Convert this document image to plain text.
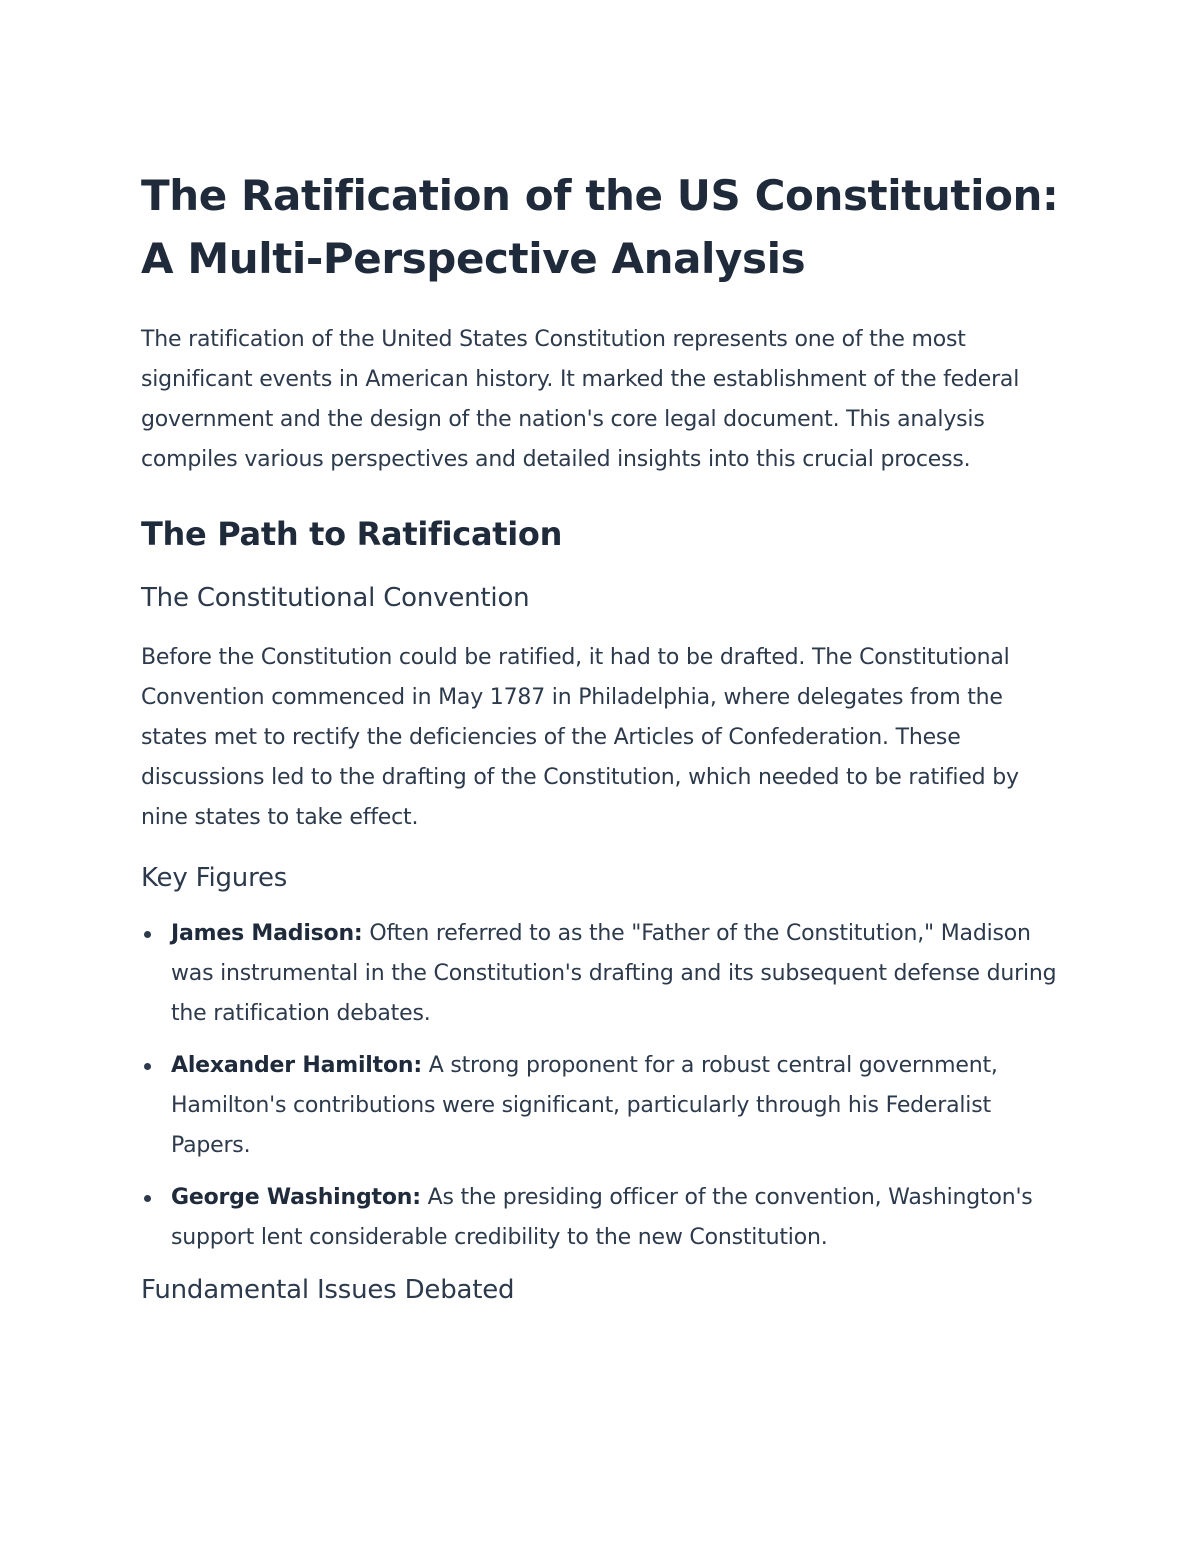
The Ratification of the US Constitution:
A Multi-Perspective Analysis

The ratification of the United States Constitution represents one of the most significant events in American history. It marked the establishment of the federal government and the design of the nation's core legal document. This analysis compiles various perspectives and detailed insights into this crucial process.

The Path to Ratification
The Constitutional Convention

Before the Constitution could be ratified, it had to be drafted. The Constitutional Convention commenced in May 1787 in Philadelphia, where delegates from the states met to rectify the deficiencies of the Articles of Confederation. These discussions led to the drafting of the Constitution, which needed to be ratified by nine states to take effect.

Key Figures
James Madison: Often referred to as the "Father of the Constitution," Madison was instrumental in the Constitution's drafting and its subsequent defense during the ratification debates.
Alexander Hamilton: A strong proponent for a robust central government, Hamilton's contributions were significant, particularly through his Federalist Papers.
George Washington: As the presiding officer of the convention, Washington's support lent considerable credibility to the new Constitution.
Fundamental Issues Debated
